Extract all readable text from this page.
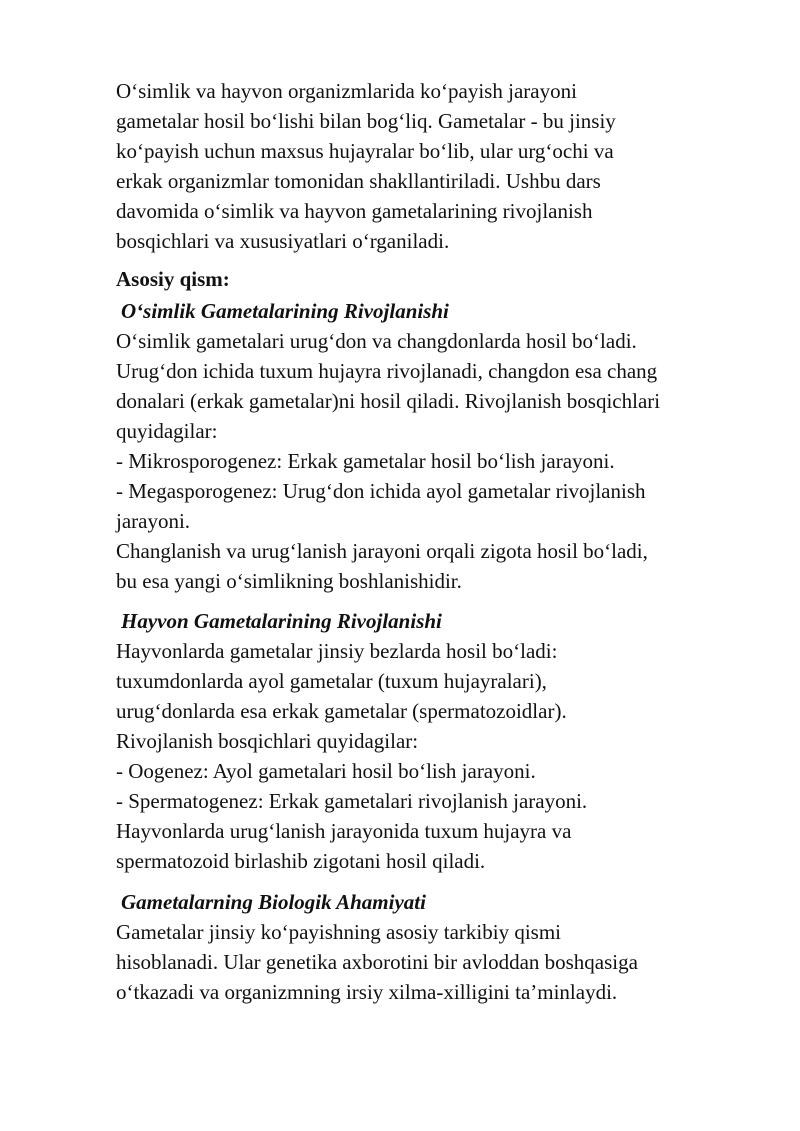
O‘simlik va hayvon organizmlarida ko‘payish jarayoni

gametalar hosil bo‘lishi bilan bog‘liq. Gametalar - bu jinsiy

ko‘payish uchun maxsus hujayralar bo‘lib, ular urg‘ochi va

erkak organizmlar tomonidan shakllantiriladi. Ushbu dars

davomida o‘simlik va hayvon gametalarining rivojlanish

bosqichlari va xususiyatlari o‘rganiladi.

Asosiy qism:

O‘simlik Gametalarining Rivojlanishi

O‘simlik gametalari urug‘don va changdonlarda hosil bo‘ladi.

Urug‘don ichida tuxum hujayra rivojlanadi, changdon esa chang

donalari (erkak gametalar)ni hosil qiladi. Rivojlanish bosqichlari

quyidagilar:

- Mikrosporogenez: Erkak gametalar hosil bo‘lish jarayoni.

- Megasporogenez: Urug‘don ichida ayol gametalar rivojlanish

jarayoni.

Changlanish va urug‘lanish jarayoni orqali zigota hosil bo‘ladi,

bu esa yangi o‘simlikning boshlanishidir.

Hayvon Gametalarining Rivojlanishi

Hayvonlarda gametalar jinsiy bezlarda hosil bo‘ladi:

tuxumdonlarda ayol gametalar (tuxum hujayralari),

urug‘donlarda esa erkak gametalar (spermatozoidlar).

Rivojlanish bosqichlari quyidagilar:

- Oogenez: Ayol gametalari hosil bo‘lish jarayoni.

- Spermatogenez: Erkak gametalari rivojlanish jarayoni.

Hayvonlarda urug‘lanish jarayonida tuxum hujayra va

spermatozoid birlashib zigotani hosil qiladi.

Gametalarning Biologik Ahamiyati

Gametalar jinsiy ko‘payishning asosiy tarkibiy qismi

hisoblanadi. Ular genetika axborotini bir avloddan boshqasiga

o‘tkazadi va organizmning irsiy xilma-xilligini ta’minlaydi.
